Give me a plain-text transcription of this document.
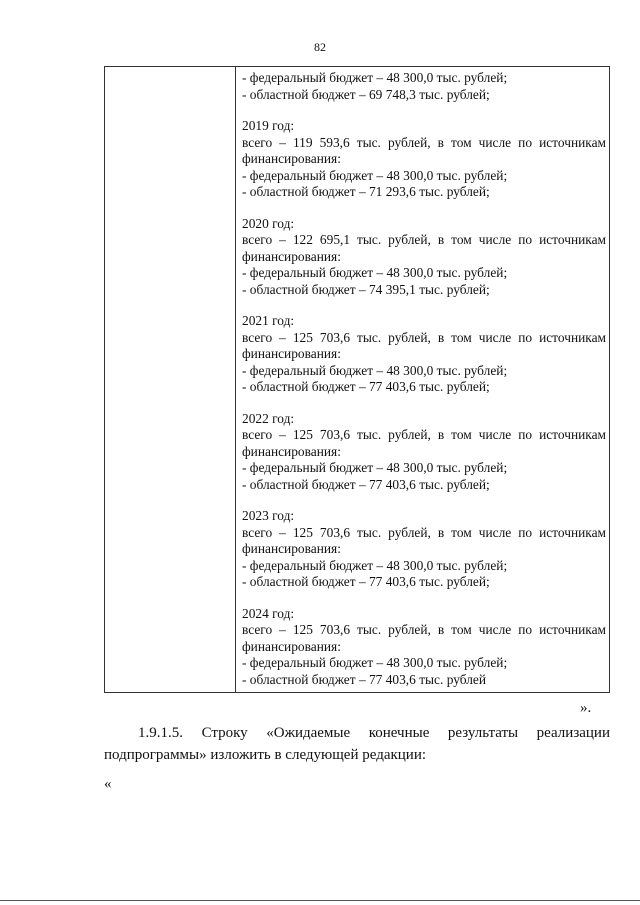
82
- федеральный бюджет – 48 300,0 тыс. рублей;
- областной бюджет – 69 748,3 тыс. рублей;
2019 год:
всего – 119 593,6 тыс. рублей, в том числе по источникам
финансирования:
- федеральный бюджет – 48 300,0 тыс. рублей;
- областной бюджет – 71 293,6 тыс. рублей;
2020 год:
всего – 122 695,1 тыс. рублей, в том числе по источникам
финансирования:
- федеральный бюджет – 48 300,0 тыс. рублей;
- областной бюджет – 74 395,1 тыс. рублей;
2021 год:
всего – 125 703,6 тыс. рублей, в том числе по источникам
финансирования:
- федеральный бюджет – 48 300,0 тыс. рублей;
- областной бюджет – 77 403,6 тыс. рублей;
2022 год:
всего – 125 703,6 тыс. рублей, в том числе по источникам
финансирования:
- федеральный бюджет – 48 300,0 тыс. рублей;
- областной бюджет – 77 403,6 тыс. рублей;
2023 год:
всего – 125 703,6 тыс. рублей, в том числе по источникам
финансирования:
- федеральный бюджет – 48 300,0 тыс. рублей;
- областной бюджет – 77 403,6 тыс. рублей;
2024 год:
всего – 125 703,6 тыс. рублей, в том числе по источникам
финансирования:
- федеральный бюджет – 48 300,0 тыс. рублей;
- областной бюджет – 77 403,6 тыс. рублей
».
1.9.1.5. Строку «Ожидаемые конечные результаты реализации
подпрограммы» изложить в следующей редакции:
«
